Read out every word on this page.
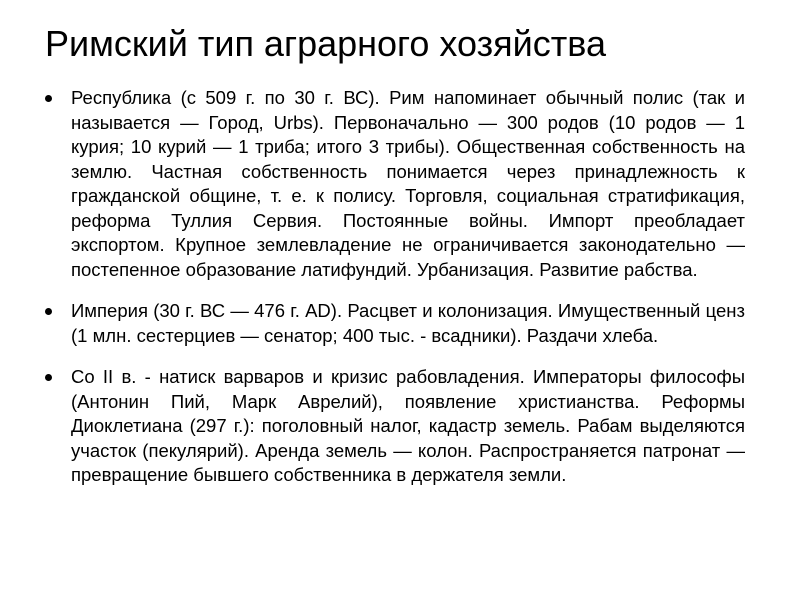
Римский тип аграрного хозяйства
Республика (с 509 г. по 30 г. ВС). Рим напоминает обычный полис (так и называется — Город, Urbs). Первоначально — 300 родов (10 родов — 1 курия; 10 курий — 1 триба; итого 3 трибы). Общественная собственность на землю. Частная собственность понимается через принадлежность к гражданской общине, т. е. к полису. Торговля, социальная стратификация, реформа Туллия Сервия. Постоянные войны. Импорт преобладает экспортом. Крупное землевладение не ограничивается законодательно — постепенное образование латифундий. Урбанизация. Развитие рабства.
Империя (30 г. ВС — 476 г. AD). Расцвет и колонизация. Имущественный ценз (1 млн. сестерциев — сенатор; 400 тыс. - всадники). Раздачи хлеба.
Со II в. - натиск варваров и кризис рабовладения. Императоры философы (Антонин Пий, Марк Аврелий), появление христианства. Реформы Диоклетиана (297 г.): поголовный налог, кадастр земель. Рабам выделяются участок (пекулярий). Аренда земель — колон. Распространяется патронат — превращение бывшего собственника в держателя земли.
